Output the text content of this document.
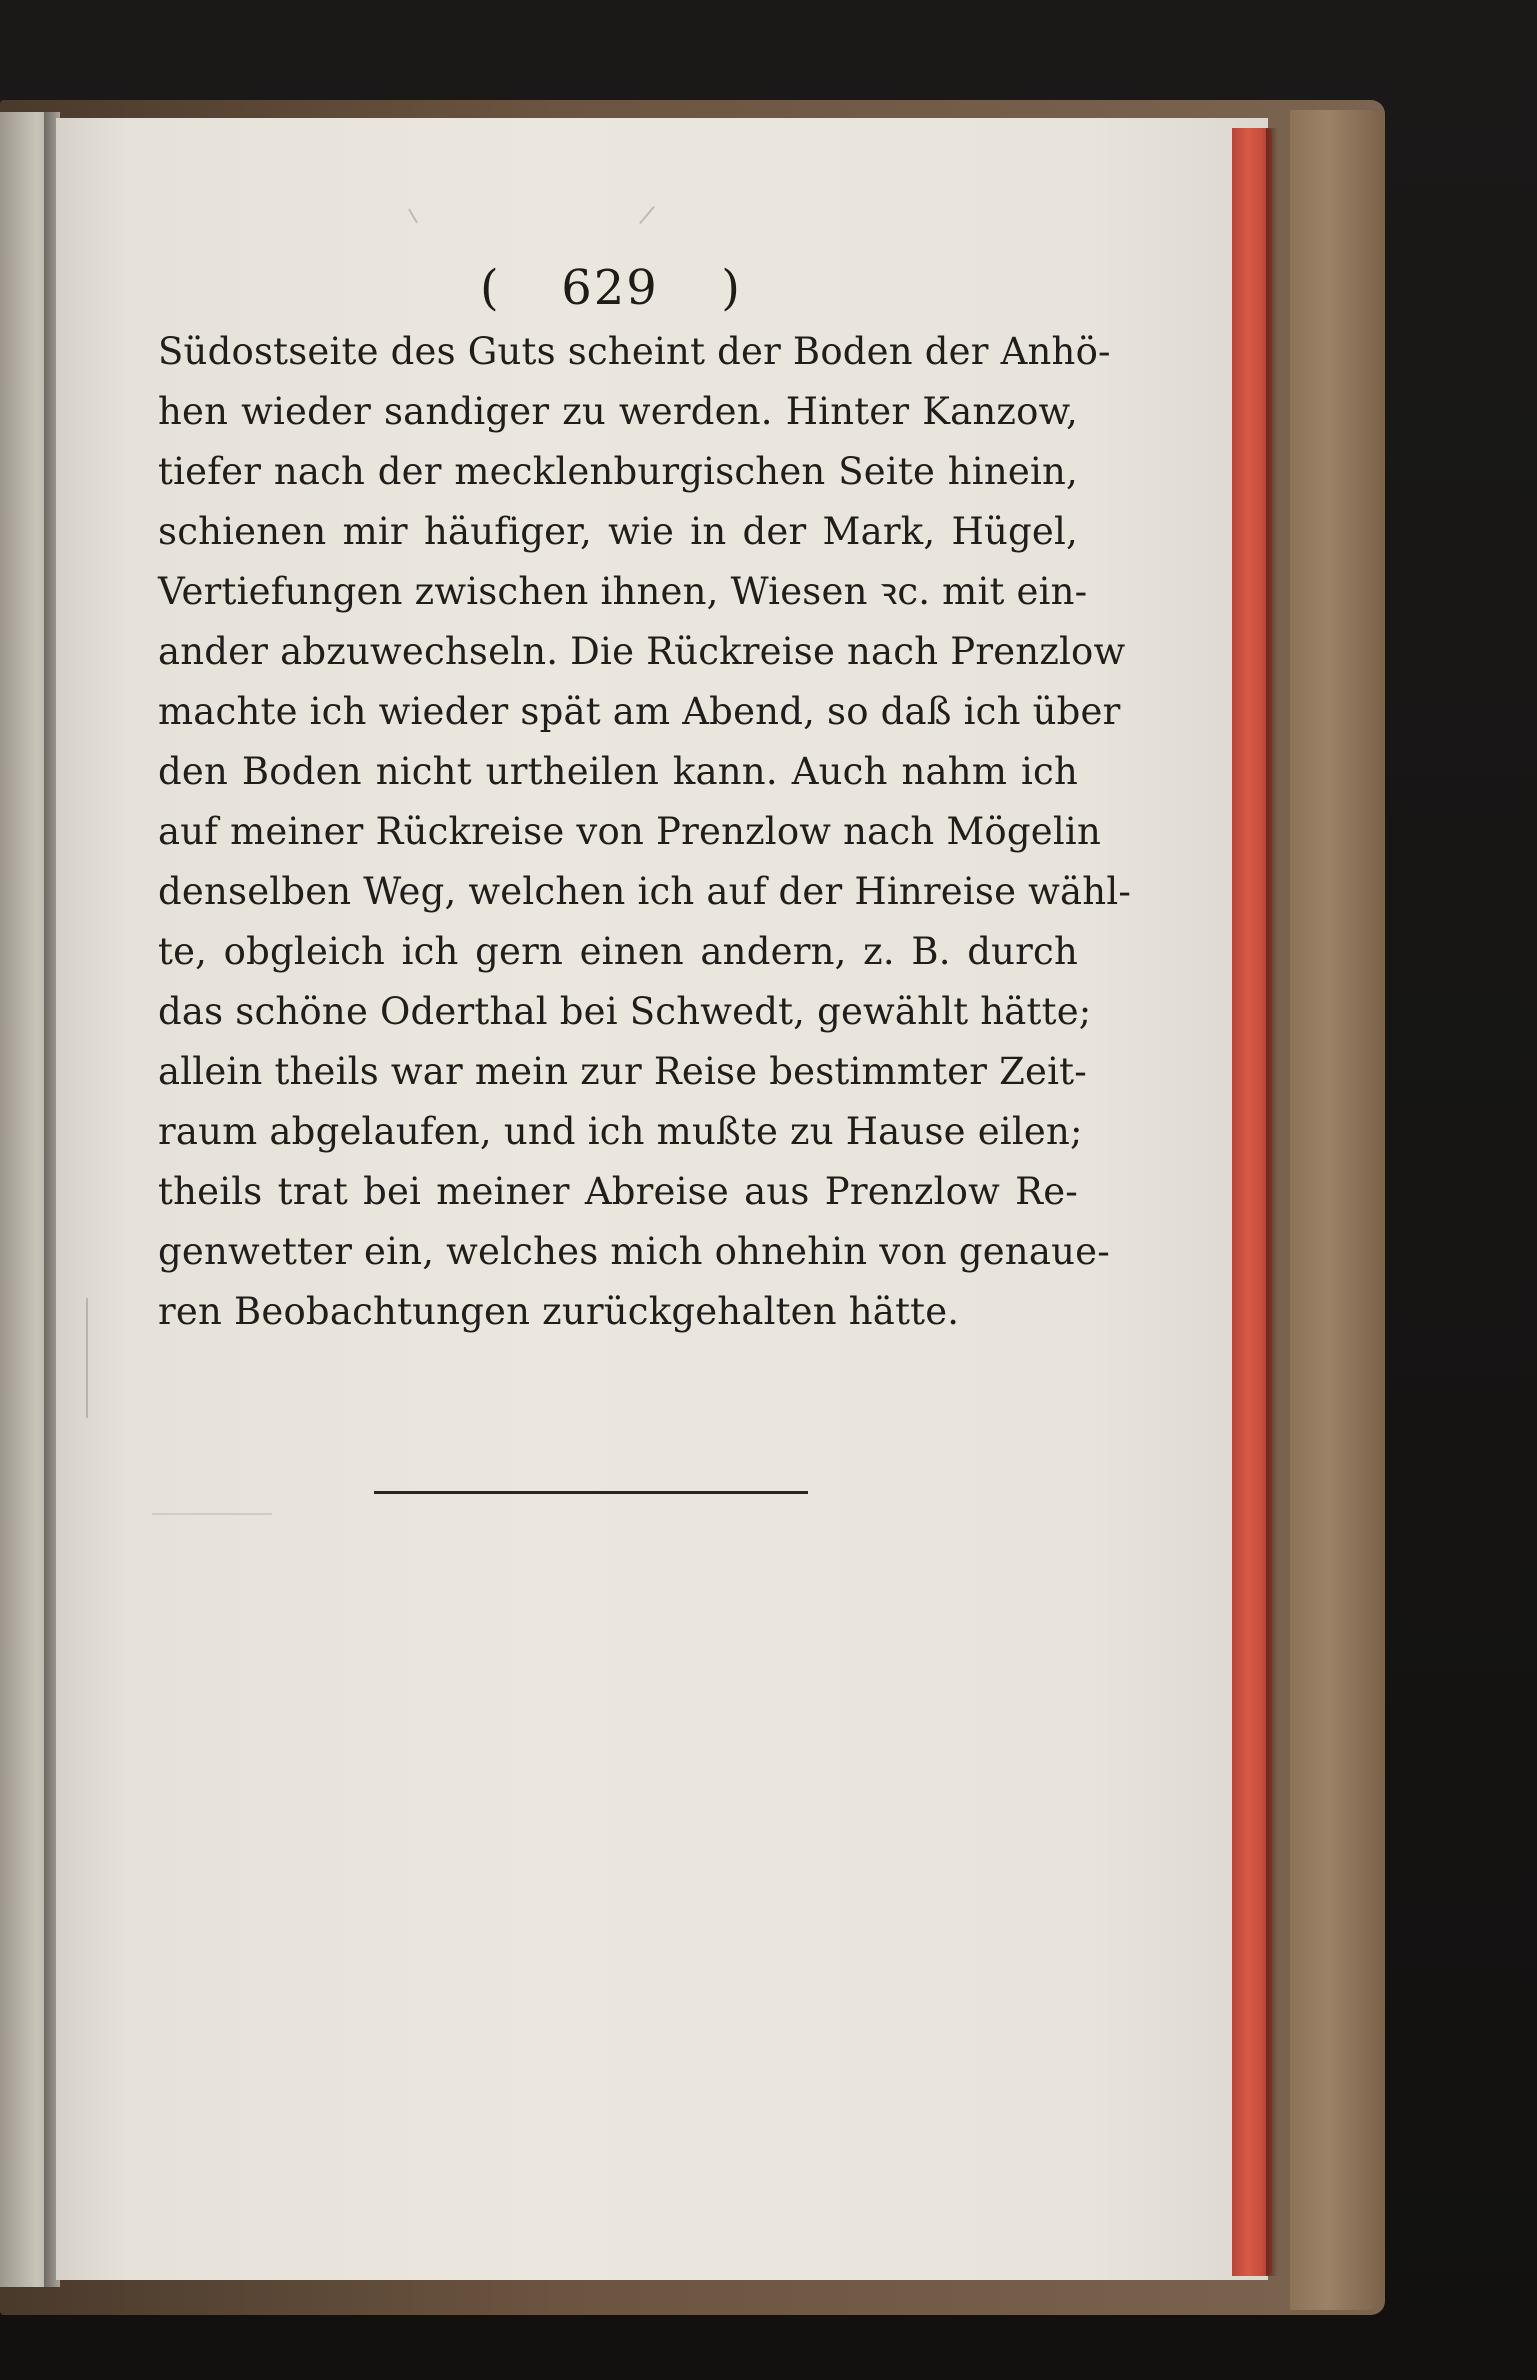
( 629 )
Südostseite des Guts scheint der Boden der Anhö-
hen wieder sandiger zu werden. Hinter Kanzow,
tiefer nach der mecklenburgischen Seite hinein,
schienen mir häufiger, wie in der Mark, Hügel,
Vertiefungen zwischen ihnen, Wiesen ꝛc. mit ein-
ander abzuwechseln. Die Rückreise nach Prenzlow
machte ich wieder spät am Abend, so daß ich über
den Boden nicht urtheilen kann. Auch nahm ich
auf meiner Rückreise von Prenzlow nach Mögelin
denselben Weg, welchen ich auf der Hinreise wähl-
te, obgleich ich gern einen andern, z. B. durch
das schöne Oderthal bei Schwedt, gewählt hätte;
allein theils war mein zur Reise bestimmter Zeit-
raum abgelaufen, und ich mußte zu Hause eilen;
theils trat bei meiner Abreise aus Prenzlow Re-
genwetter ein, welches mich ohnehin von genaue-
ren Beobachtungen zurückgehalten hätte.
